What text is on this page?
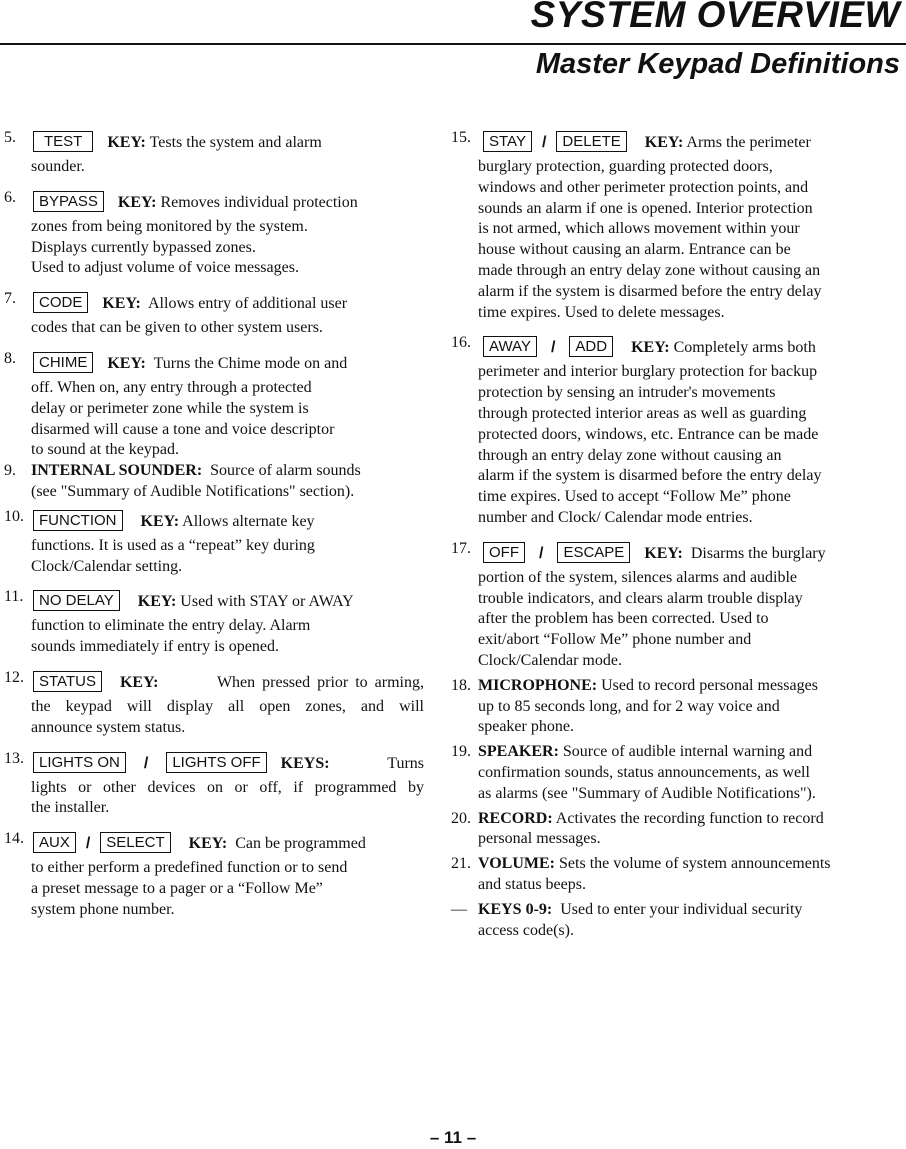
SYSTEM OVERVIEW
Master Keypad Definitions
5.	TEST KEY: Tests the system and alarm

sounder.

6.	BYPASS KEY: Removes individual protection

zones from being monitored by the system.

Displays currently bypassed zones.

Used to adjust volume of voice messages.

7.	CODE KEY: Allows entry of additional user

codes that can be given to other system users.

8.	CHIME KEY: Turns the Chime mode on and

off. When on, any entry through a protected

delay or perimeter zone while the system is

disarmed will cause a tone and voice descriptor

to sound at the keypad.

9. INTERNAL SOUNDER: Source of alarm sounds

(see "Summary of Audible Notifications" section).

10.	FUNCTION KEY: Allows alternate key

functions. It is used as a “repeat” key during

Clock/Calendar setting.

11.	NO DELAY KEY: Used with STAY or AWAY

function to eliminate the entry delay. Alarm

sounds immediately if entry is opened.

12.	STATUS KEY:	When pressed prior to arming,

the keypad will display all open zones, and will

announce system status.

13.	LIGHTS ON / LIGHTS OFF KEYS:	Turns

lights or other devices on or off, if programmed by

the installer.

14.	AUX / SELECT KEY: Can be programmed

to either perform a predefined function or to send

a preset message to a pager or a “Follow Me”

system phone number.

15.	STAY / DELETE KEY: Arms the perimeter

burglary protection, guarding protected doors,

windows and other perimeter protection points, and

sounds an alarm if one is opened. Interior protection

is not armed, which allows movement within your

house without causing an alarm. Entrance can be

made through an entry delay zone without causing an

alarm if the system is disarmed before the entry delay

time expires. Used to delete messages.

16.	AWAY / ADD KEY: Completely arms both

perimeter and interior burglary protection for backup

protection by sensing an intruder's movements

through protected interior areas as well as guarding

protected doors, windows, etc. Entrance can be made

through an entry delay zone without causing an

alarm if the system is disarmed before the entry delay

time expires. Used to accept “Follow Me” phone

number and Clock/ Calendar mode entries.

17.	OFF / ESCAPE KEY: Disarms the burglary

portion of the system, silences alarms and audible

trouble indicators, and clears alarm trouble display

after the problem has been corrected. Used to

exit/abort “Follow Me” phone number and

Clock/Calendar mode.

18. MICROPHONE: Used to record personal messages

up to 85 seconds long, and for 2 way voice and

speaker phone.

19. SPEAKER: Source of audible internal warning and

confirmation sounds, status announcements, as well

as alarms (see "Summary of Audible Notifications").

20. RECORD: Activates the recording function to record

personal messages.

21. VOLUME: Sets the volume of system announcements

and status beeps.

— KEYS 0-9: Used to enter your individual security

access code(s).

– 11 –
